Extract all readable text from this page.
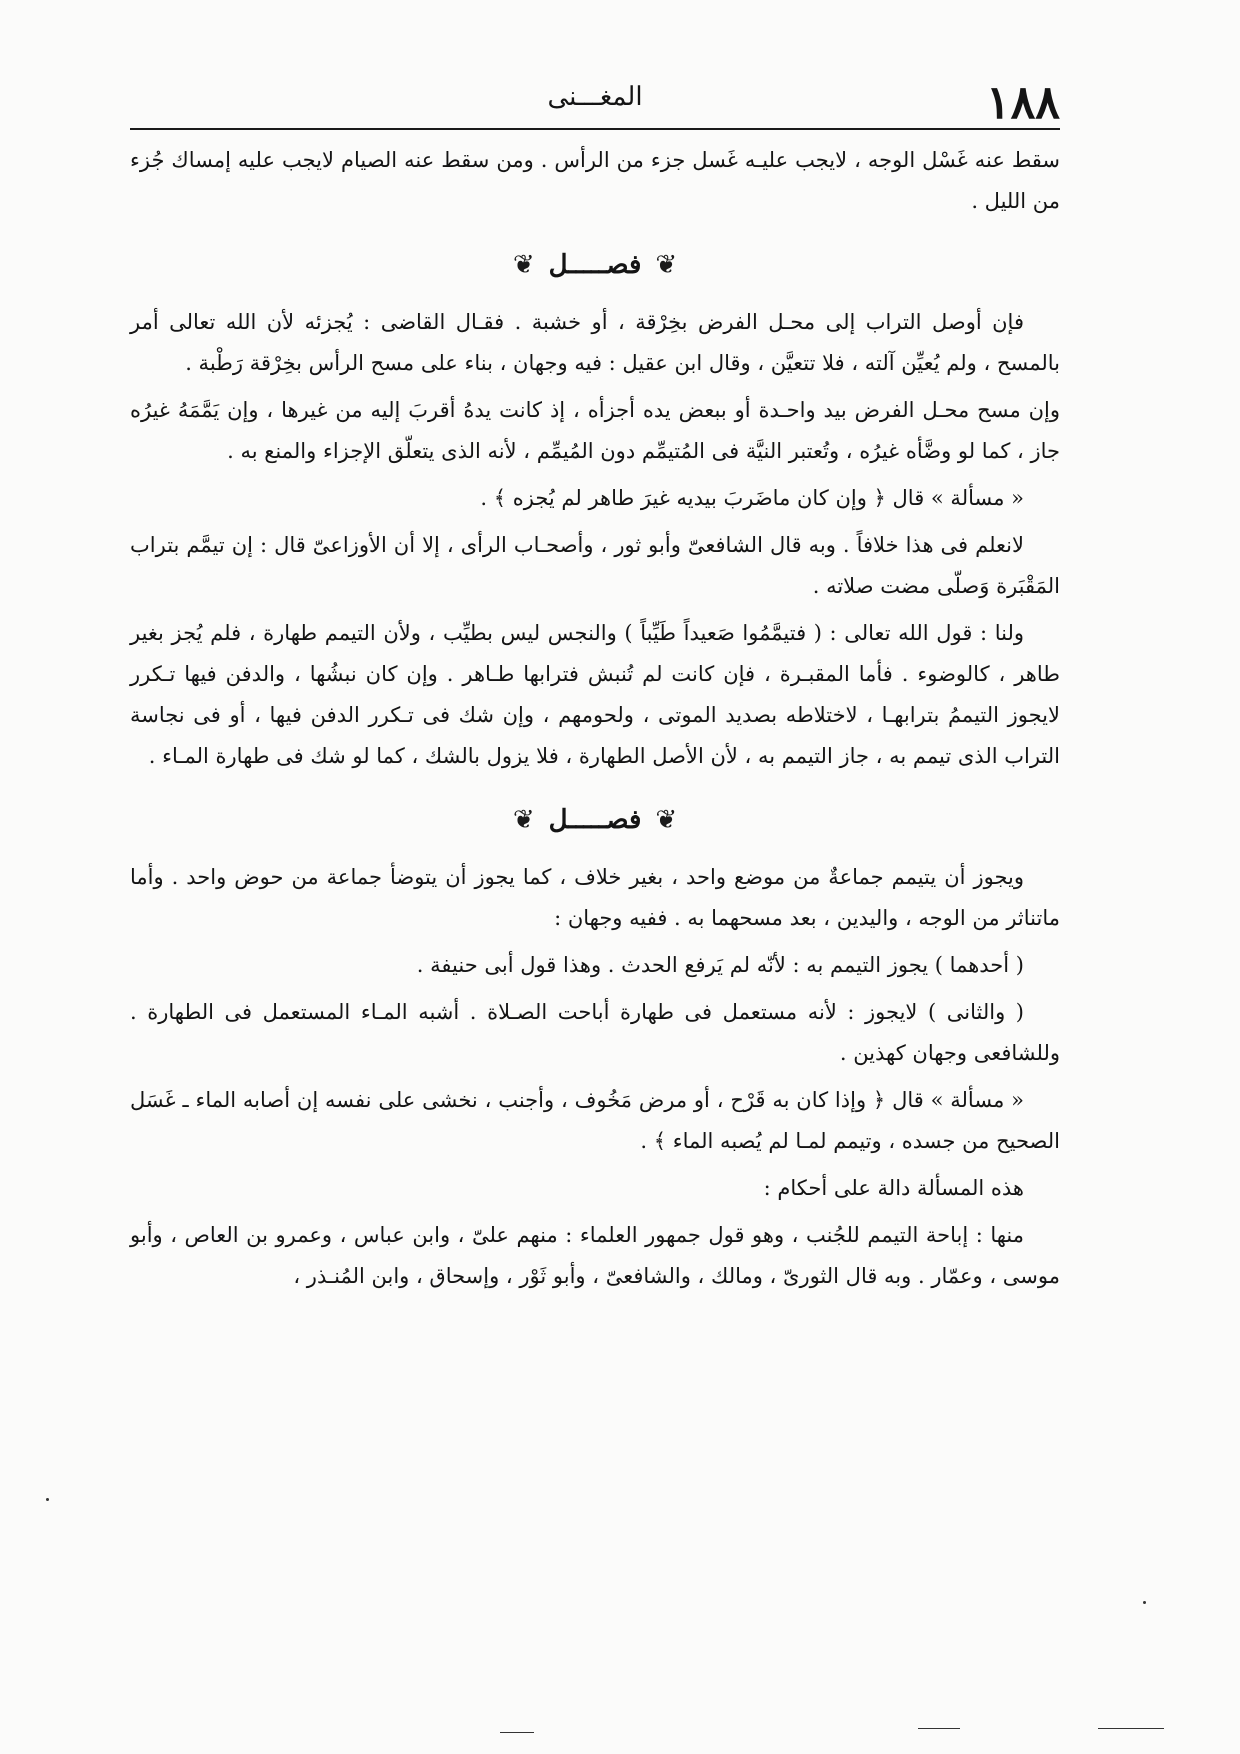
١٨٨
المغـــنى

سقط عنه غَسْل الوجه ، لايجب عليـه غَسل جزء من الرأس . ومن سقط عنه الصيام لايجب عليه إمساك جُزء من الليل .

❦
فصـــــل
❦

فإن أوصل التراب إلى محـل الفرض بخِرْقة ، أو خشبة . فقـال القاضى : يُجزئه لأن الله تعالى أمر بالمسح ، ولم يُعيِّن آلته ، فلا تتعيَّن ، وقال ابن عقيل : فيه وجهان ، بناء على مسح الرأس بخِرْقة رَطْبة .

وإن مسح محـل الفرض بيد واحـدة أو ببعض يده أجزأه ، إذ كانت يدهُ أقربَ إليه من غيرها ، وإن يَمَّمَهُ غيرُه جاز ، كما لو وضَّأه غيرُه ، وتُعتبر النيَّة فى المُتيمِّم دون المُيمِّم ، لأنه الذى يتعلّق الإجزاء والمنع به .

« مسألة » قال ﴿ وإن كان ماضَربَ بيديه غيرَ طاهر لم يُجزه ﴾ .

لانعلم فى هذا خلافاً . وبه قال الشافعىّ وأبو ثور ، وأصحـاب الرأى ، إلا أن الأوزاعىّ قال : إن تيمَّم بتراب المَقْبَرة وَصلّى مضت صلاته .

ولنا : قول الله تعالى : ( فتيمَّمُوا صَعيداً طَيِّباً ) والنجس ليس بطيِّب ، ولأن التيمم طهارة ، فلم يُجز بغير طاهر ، كالوضوء . فأما المقبـرة ، فإن كانت لم تُنبش فترابها طـاهر . وإن كان نبشُها ، والدفن فيها تـكرر لايجوز التيممُ بترابهـا ، لاختلاطه بصديد الموتى ، ولحومهم ، وإن شك فى تـكرر الدفن فيها ، أو فى نجاسة التراب الذى تيمم به ، جاز التيمم به ، لأن الأصل الطهارة ، فلا يزول بالشك ، كما لو شك فى طهارة المـاء .

❦
فصـــــل
❦

ويجوز أن يتيمم جماعةٌ من موضع واحد ، بغير خلاف ، كما يجوز أن يتوضأ جماعة من حوض واحد . وأما ماتناثر من الوجه ، واليدين ، بعد مسحهما به . ففيه وجهان :

( أحدهما ) يجوز التيمم به : لأنّه لم يَرفع الحدث . وهذا قول أبى حنيفة .

( والثانى ) لايجوز : لأنه مستعمل فى طهارة أباحت الصـلاة . أشبه المـاء المستعمل فى الطهارة . وللشافعى وجهان كهذين .

« مسألة » قال ﴿ وإذا كان به قَرْح ، أو مرض مَخُوف ، وأجنب ، نخشى على نفسه إن أصابه الماء ـ غَسَل الصحيح من جسده ، وتيمم لمـا لم يُصبه الماء ﴾ .

هذه المسألة دالة على أحكام :

منها : إباحة التيمم للجُنب ، وهو قول جمهور العلماء : منهم علىّ ، وابن عباس ، وعمرو بن العاص ، وأبو موسى ، وعمّار . وبه قال الثورىّ ، ومالك ، والشافعىّ ، وأبو ثَوْر ، وإسحاق ، وابن المُنـذر ،
